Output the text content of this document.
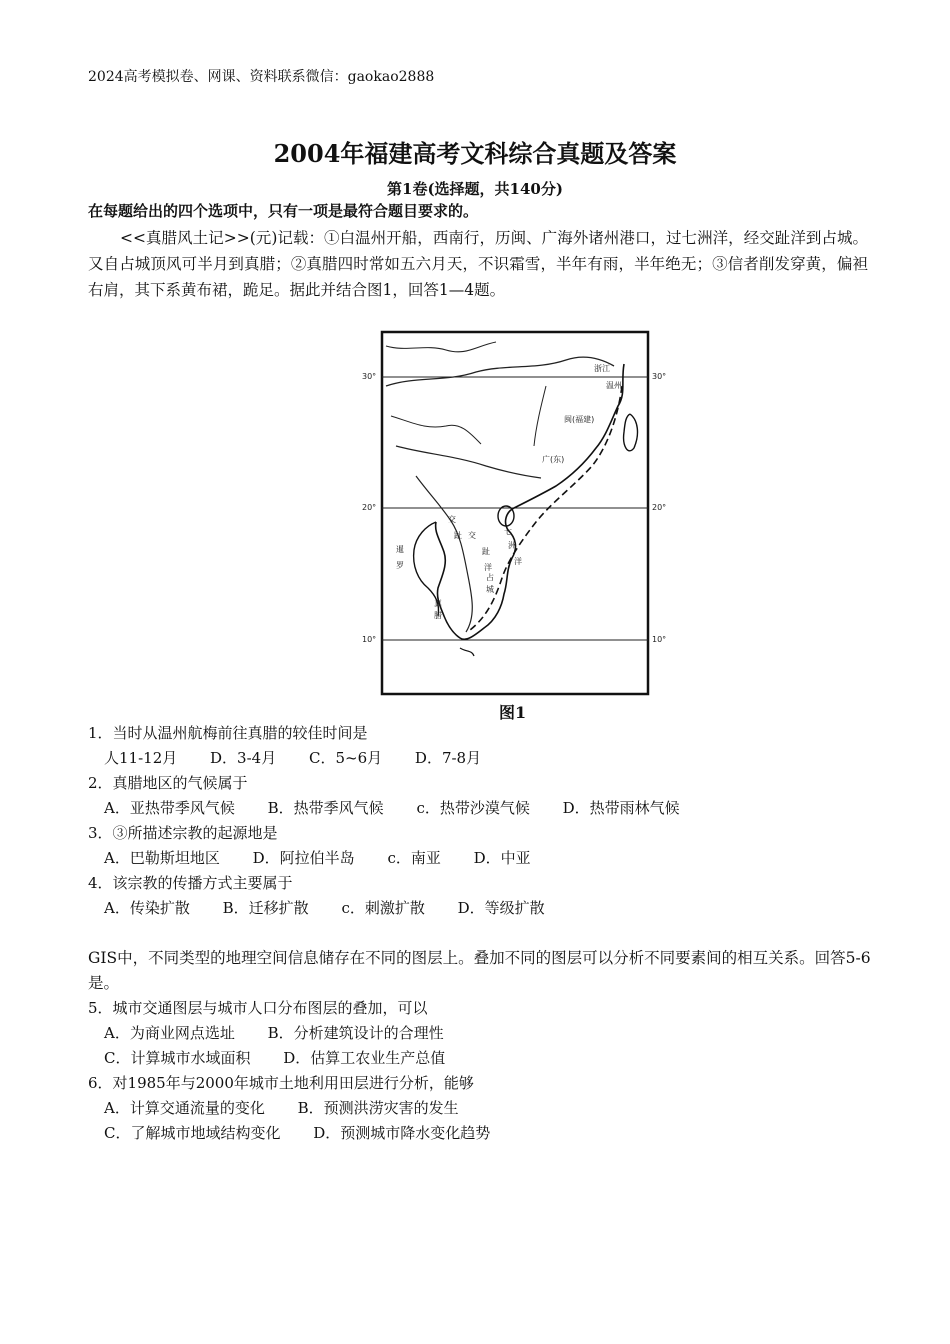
2024高考模拟卷、网课、资料联系微信：gaokao2888
2004年福建高考文科综合真题及答案
第1卷(选择题，共140分)
在每题给出的四个选项中，只有一项是最符合题目要求的。
<<真腊风土记>>(元)记载：①白温州开船，西南行，历闽、广海外诸州港口，过七洲洋，经交趾洋到占城。又自占城顶风可半月到真腊；②真腊四时常如五六月天，不识霜雪，半年有雨，半年绝无；③信者削发穿黄，偏袒右肩，其下系黄布裙，跪足。据此并结合图1，回答1—4题。
30°	30°
20°	20°
10°	10°
浙江
温州
闽(福建)
广(东)
交
趾 交
趾
洋
七
洲
洋
占
城
暹
罗
真
腊
图1
1．当时从温州航梅前往真腊的较佳时间是
人11-12月 D．3-4月 C．5~6月 D．7-8月
2．真腊地区的气候属于
A．亚热带季风气候 B．热带季风气候 c．热带沙漠气候 D．热带雨林气候
3．③所描述宗教的起源地是
A．巴勒斯坦地区 D．阿拉伯半岛 c．南亚 D．中亚
4．该宗教的传播方式主要属于
A．传染扩散 B．迁移扩散 c．刺激扩散 D．等级扩散
GIS中，不同类型的地理空间信息储存在不同的图层上。叠加不同的图层可以分析不同要素间的相互关系。回答5-6是。
5．城市交通图层与城市人口分布图层的叠加，可以
A．为商业网点选址 B．分析建筑设计的合理性
C．计算城市水域面积 D．估算工农业生产总值
6．对1985年与2000年城市土地利用田层进行分析，能够
A．计算交通流量的变化 B．预测洪涝灾害的发生
C．了解城市地域结构变化 D．预测城市降水变化趋势
